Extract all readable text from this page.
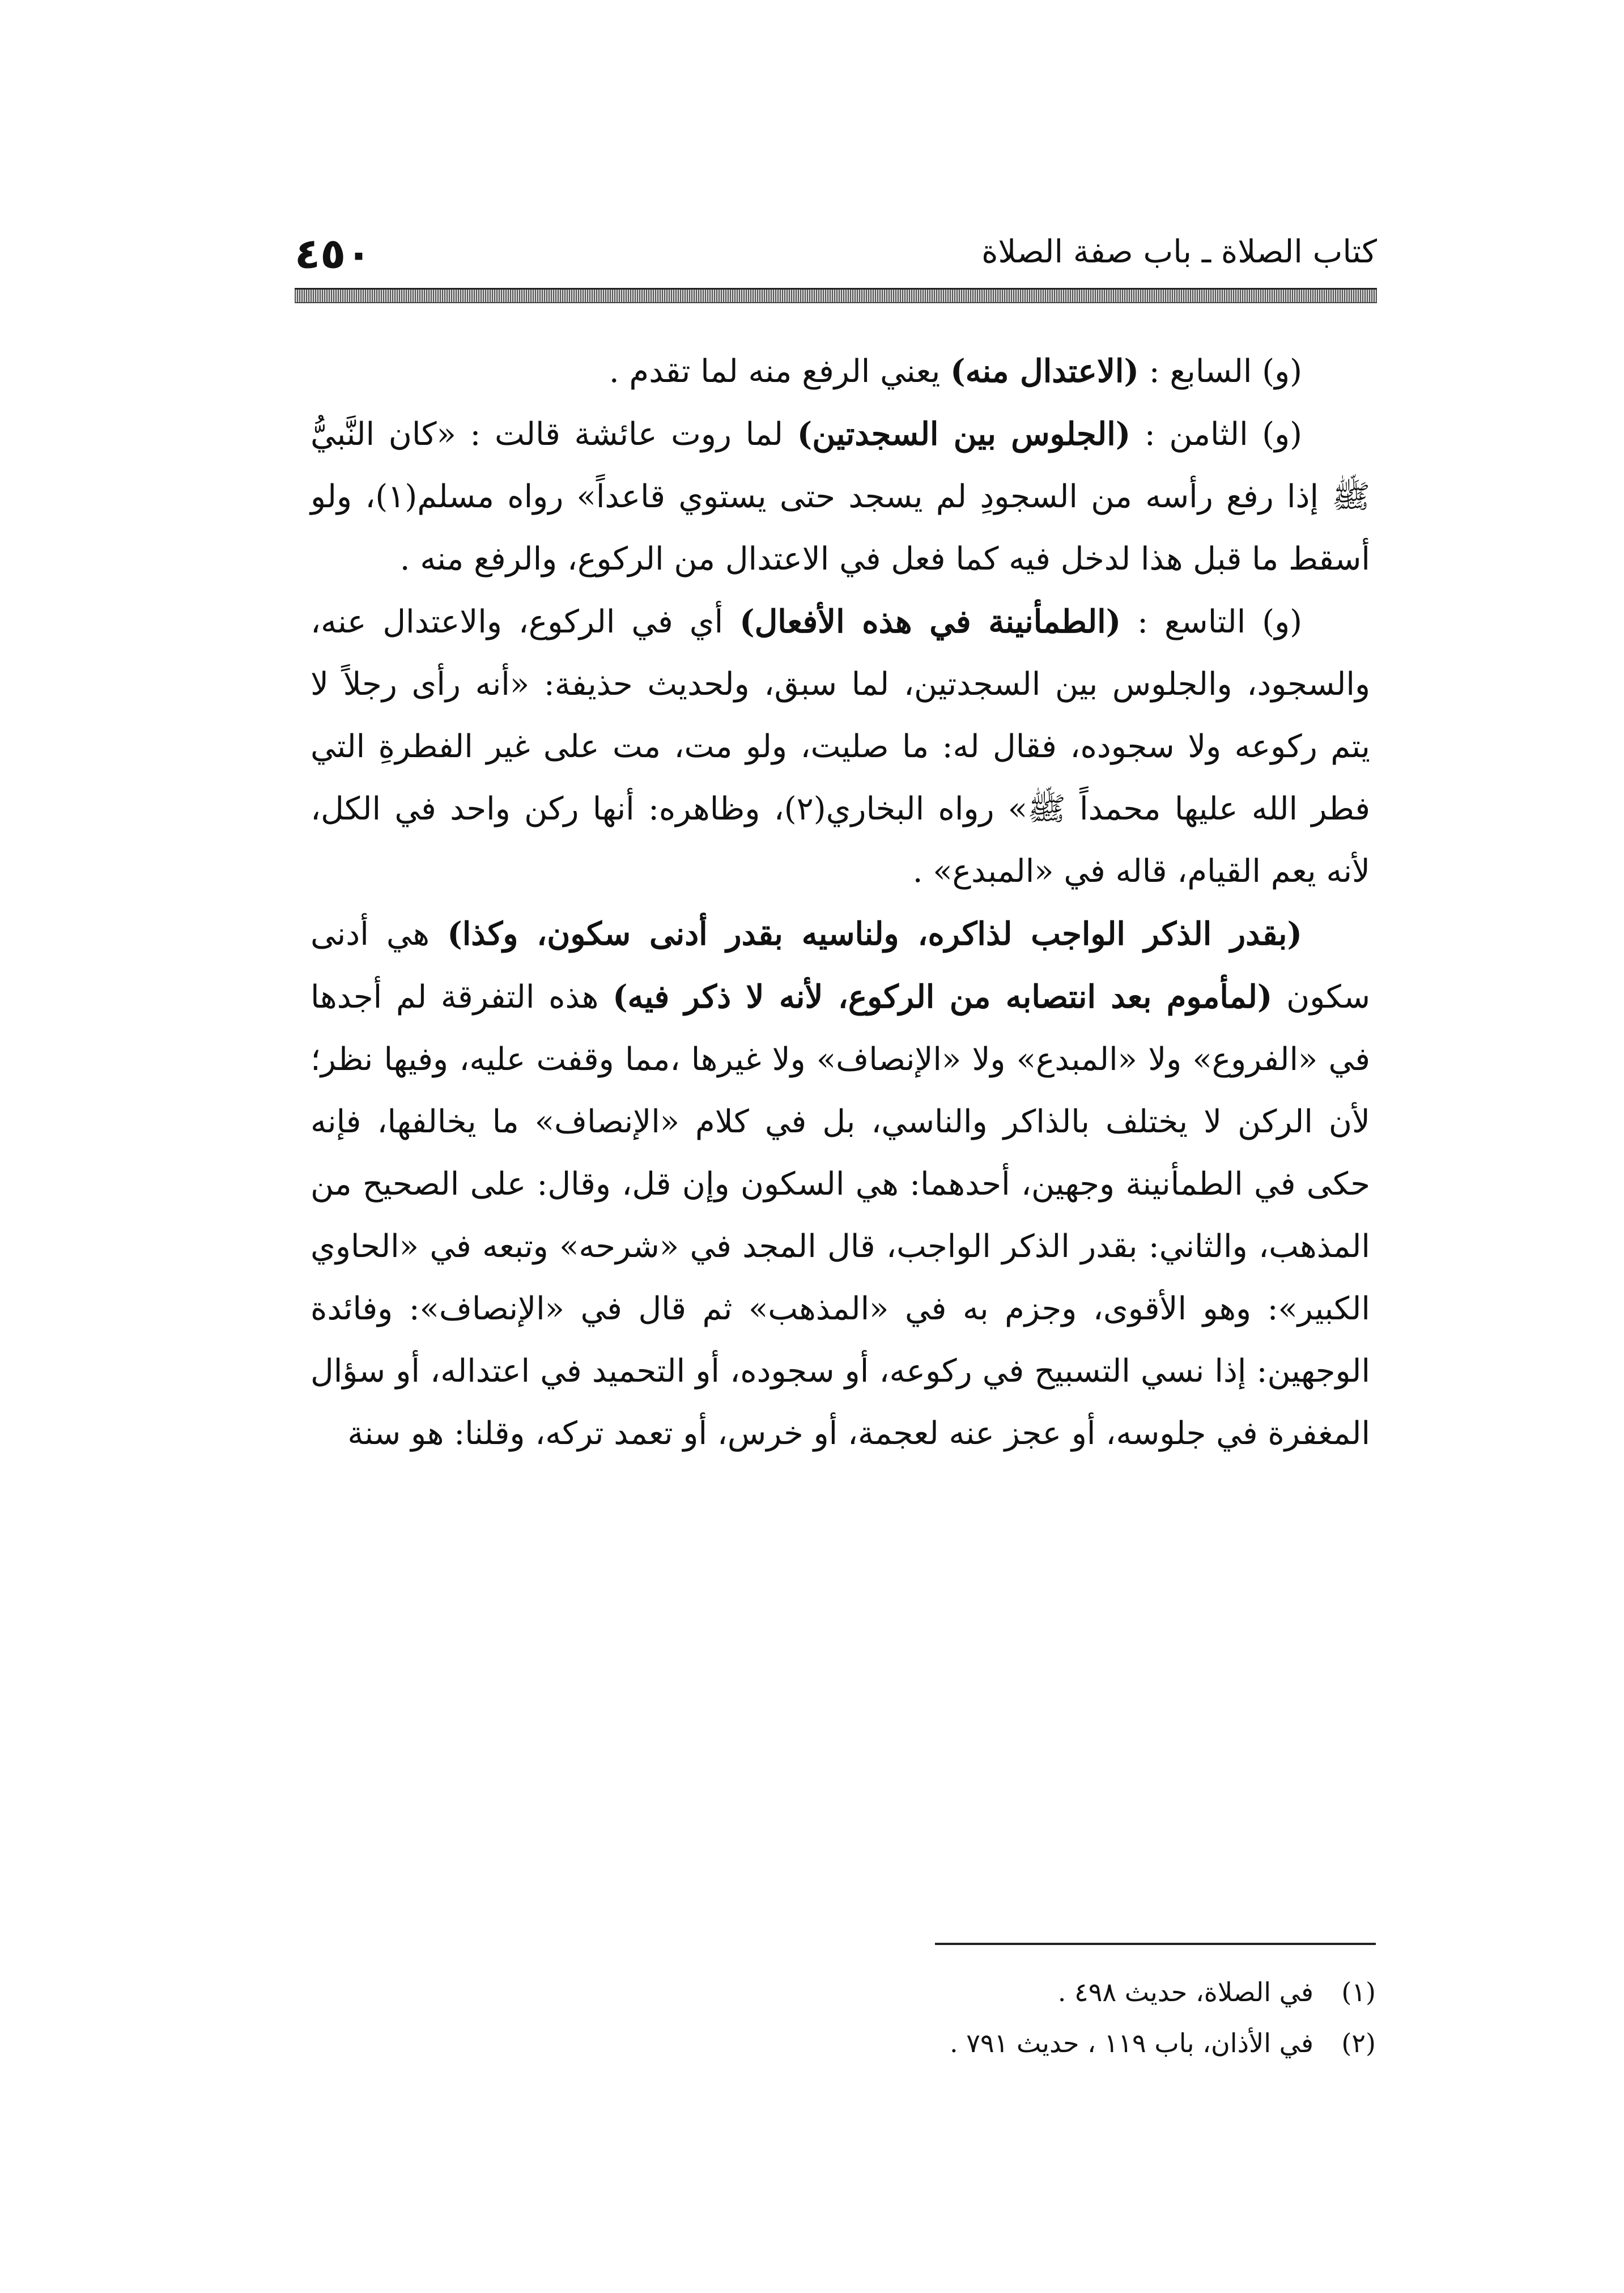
كتاب الصلاة ـ باب صفة الصلاة
٤٥٠

(و) السابع : (الاعتدال منه) يعني الرفع منه لما تقدم .

(و) الثامن : (الجلوس بين السجدتين) لما روت عائشة قالت : «كان النَّبيُّ ﷺ إذا رفع رأسه من السجودِ لم يسجد حتى يستوي قاعداً» رواه مسلم(١)، ولو أسقط ما قبل هذا لدخل فيه كما فعل في الاعتدال من الركوع، والرفع منه .

(و) التاسع : (الطمأنينة في هذه الأفعال) أي في الركوع، والاعتدال عنه، والسجود، والجلوس بين السجدتين، لما سبق، ولحديث حذيفة: «أنه رأى رجلاً لا يتم ركوعه ولا سجوده، فقال له: ما صليت، ولو مت، مت على غير الفطرةِ التي فطر الله عليها محمداً ﷺ» رواه البخاري(٢)، وظاهره: أنها ركن واحد في الكل، لأنه يعم القيام، قاله في «المبدع» .

(بقدر الذكر الواجب لذاكره، ولناسيه بقدر أدنى سكون، وكذا) هي أدنى سكون (لمأموم بعد انتصابه من الركوع، لأنه لا ذكر فيه) هذه التفرقة لم أجدها في «الفروع» ولا «المبدع» ولا «الإنصاف» ولا غيرها ،مما وقفت عليه، وفيها نظر؛ لأن الركن لا يختلف بالذاكر والناسي، بل في كلام «الإنصاف» ما يخالفها، فإنه حكى في الطمأنينة وجهين، أحدهما: هي السكون وإن قل، وقال: على الصحيح من المذهب، والثاني: بقدر الذكر الواجب، قال المجد في «شرحه» وتبعه في «الحاوي الكبير»: وهو الأقوى، وجزم به في «المذهب» ثم قال في «الإنصاف»: وفائدة الوجهين: إذا نسي التسبيح في ركوعه، أو سجوده، أو التحميد في اعتداله، أو سؤال المغفرة في جلوسه، أو عجز عنه لعجمة، أو خرس، أو تعمد تركه، وقلنا: هو سنة

(١)في الصلاة، حديث ٤٩٨ .
(٢)في الأذان، باب ١١٩ ، حديث ٧٩١ .
